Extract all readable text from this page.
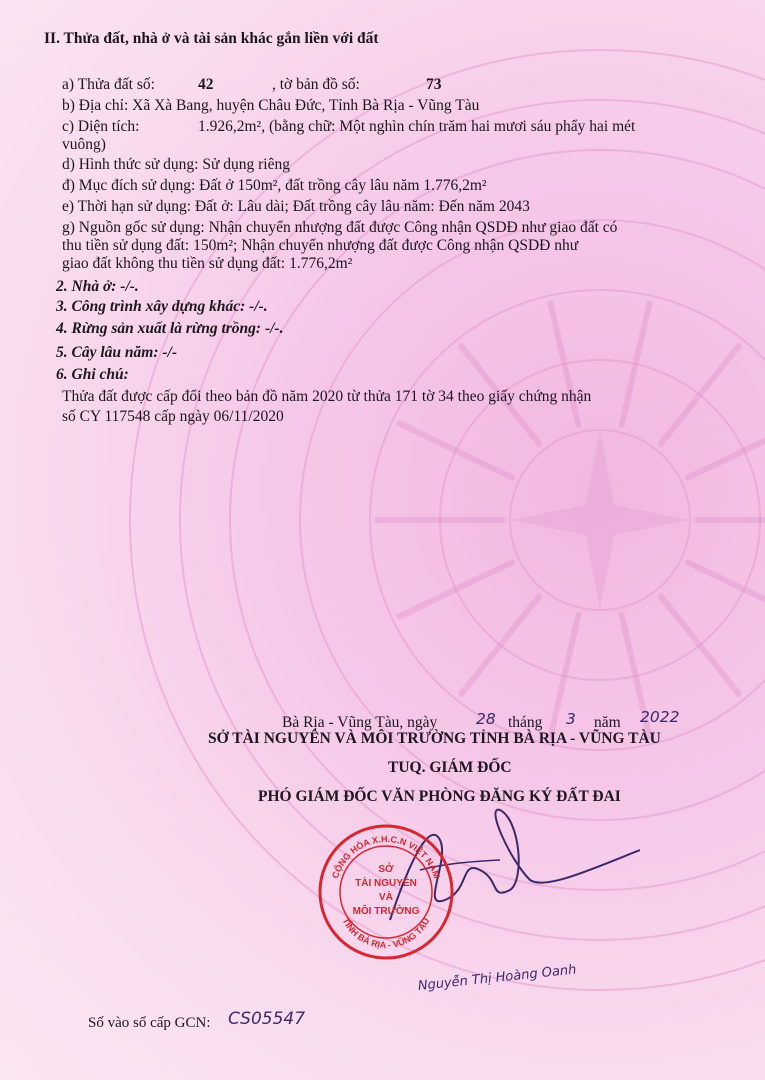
II. Thửa đất, nhà ở và tài sản khác gắn liền với đất
a) Thửa đất số:	42	, tờ bản đồ số:	73
b) Địa chỉ: Xã Xà Bang, huyện Châu Đức, Tỉnh Bà Rịa - Vũng Tàu
c) Diện tích:	1.926,2m², (bằng chữ: Một nghìn chín trăm hai mươi sáu phẩy hai mét
vuông)
d) Hình thức sử dụng: Sử dụng riêng
đ) Mục đích sử dụng: Đất ở 150m², đất trồng cây lâu năm 1.776,2m²
e) Thời hạn sử dụng: Đất ở: Lâu dài; Đất trồng cây lâu năm: Đến năm 2043
g) Nguồn gốc sử dụng: Nhận chuyển nhượng đất được Công nhận QSDĐ như giao đất có
thu tiền sử dụng đất: 150m²; Nhận chuyển nhượng đất được Công nhận QSDĐ như
giao đất không thu tiền sử dụng đất: 1.776,2m²
2. Nhà ở: -/-.
3. Công trình xây dựng khác: -/-.
4. Rừng sản xuất là rừng trồng: -/-.
5. Cây lâu năm: -/-
6. Ghi chú:
Thửa đất được cấp đổi theo bản đồ năm 2020 từ thửa 171 tờ 34 theo giấy chứng nhận
số CY 117548 cấp ngày 06/11/2020
Bà Rịa - Vũng Tàu, ngày 28 tháng 3 năm 2022
SỞ TÀI NGUYÊN VÀ MÔI TRƯỜNG TỈNH BÀ RỊA - VŨNG TÀU
TUQ. GIÁM ĐỐC
PHÓ GIÁM ĐỐC VĂN PHÒNG ĐĂNG KÝ ĐẤT ĐAI
CỘNG HÒA X.H.C.N VIỆT NAM
TỈNH BÀ RỊA - VŨNG TÀU
SỞ
TÀI NGUYÊN
VÀ
MÔI TRƯỜNG
Nguyễn Thị Hoàng Oanh
Số vào sổ cấp GCN: CS05547
